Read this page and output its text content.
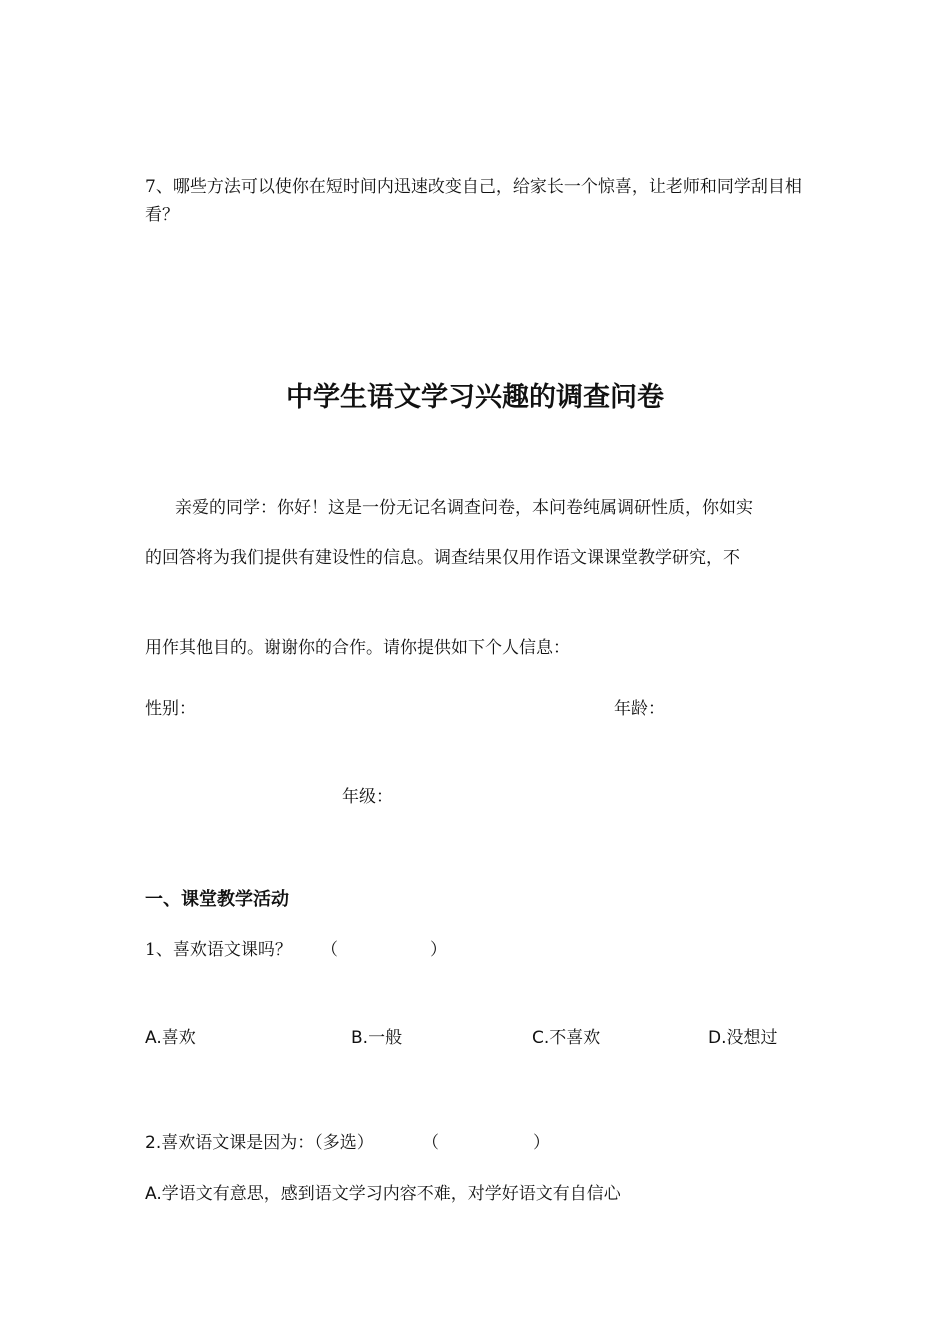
7、哪些方法可以使你在短时间内迅速改变自己，给家长一个惊喜，让老师和同学刮目相看？
中学生语文学习兴趣的调查问卷
亲爱的同学：你好！这是一份无记名调查问卷，本问卷纯属调研性质，你如实
的回答将为我们提供有建设性的信息。调查结果仅用作语文课课堂教学研究，不
用作其他目的。谢谢你的合作。请你提供如下个人信息：
性别：	年龄：
年级：
一、课堂教学活动
1、喜欢语文课吗？ （	）
A.喜欢	B.一般	C.不喜欢	D.没想过
2.喜欢语文课是因为：（多选）	（	）
A.学语文有意思，感到语文学习内容不难，对学好语文有自信心
